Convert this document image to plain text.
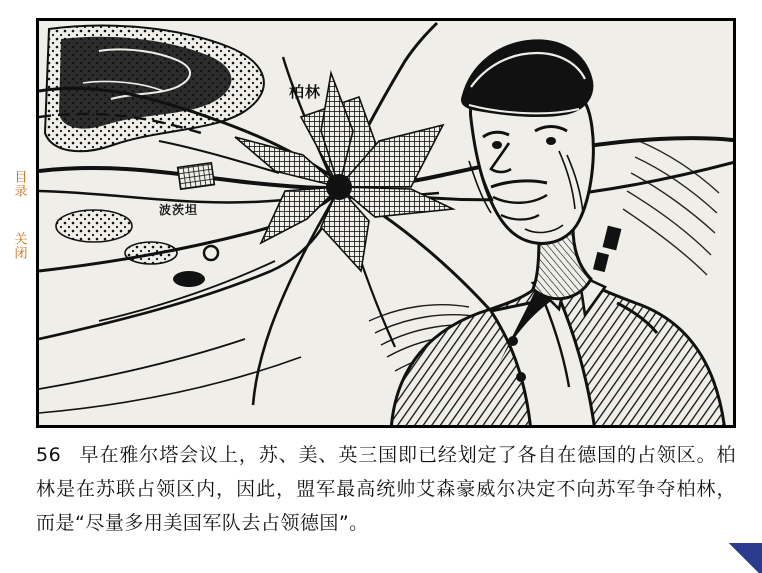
目录
关闭
柏林
波茨坦
56 早在雅尔塔会议上，苏、美、英三国即已经划定了各自在德国的占领区。柏林是在苏联占领区内，因此，盟军最高统帅艾森豪威尔决定不向苏军争夺柏林，而是“尽量多用美国军队去占领德国”。
